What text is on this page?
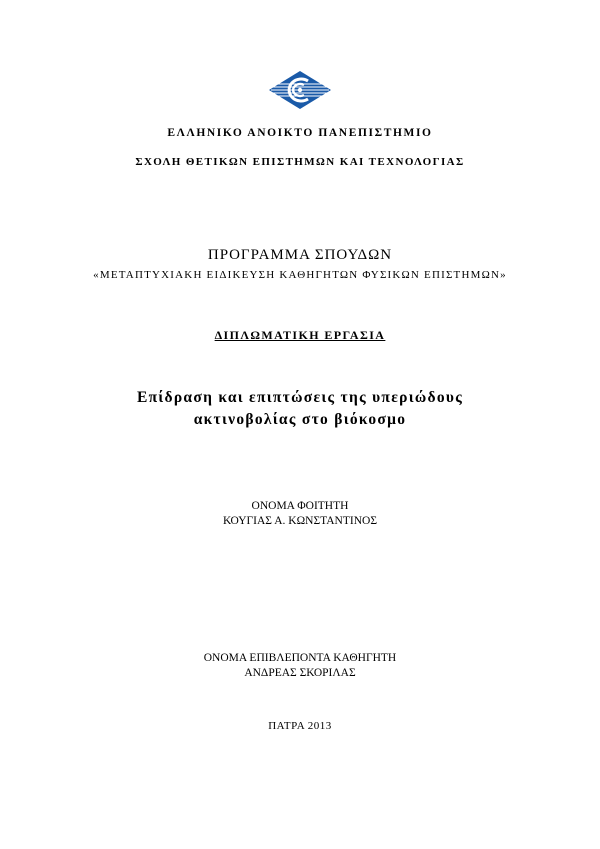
ΕΛΛΗΝΙΚΟ ΑΝΟΙΚΤΟ ΠΑΝΕΠΙΣΤΗΜΙΟ
ΣΧΟΛΗ ΘΕΤΙΚΩΝ ΕΠΙΣΤΗΜΩΝ ΚΑΙ ΤΕΧΝΟΛΟΓΙΑΣ
ΠΡΟΓΡΑΜΜΑ ΣΠΟΥΔΩΝ
«ΜΕΤΑΠΤΥΧΙΑΚΗ ΕΙΔΙΚΕΥΣΗ ΚΑΘΗΓΗΤΩΝ ΦΥΣΙΚΩΝ ΕΠΙΣΤΗΜΩΝ»
ΔΙΠΛΩΜΑΤΙΚΗ ΕΡΓΑΣΙΑ
Επίδραση και επιπτώσεις της υπεριώδους
ακτινοβολίας στο βιόκοσμο
ΟΝΟΜΑ ΦΟΙΤΗΤΗ
ΚΟΥΓΙΑΣ Α. ΚΩΝΣΤΑΝΤΙΝΟΣ
ΟΝΟΜΑ ΕΠΙΒΛΕΠΟΝΤΑ ΚΑΘΗΓΗΤΗ
ΑΝΔΡΕΑΣ ΣΚΟΡΙΛΑΣ
ΠΑΤΡΑ 2013
